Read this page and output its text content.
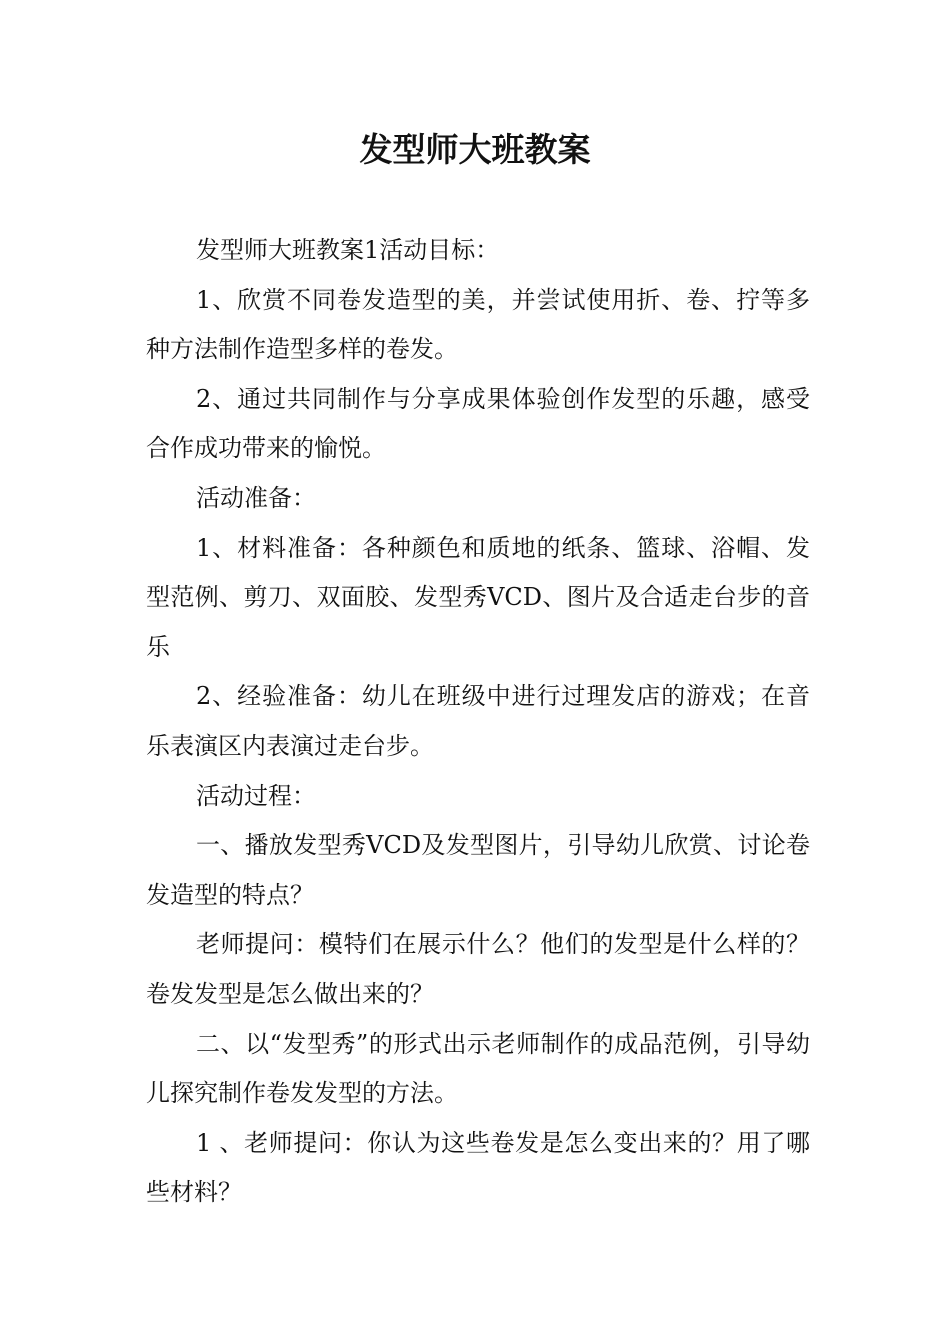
发型师大班教案

发型师大班教案1活动目标：

1、欣赏不同卷发造型的美，并尝试使用折、卷、拧等多种方法制作造型多样的卷发。

2、通过共同制作与分享成果体验创作发型的乐趣，感受合作成功带来的愉悦。

活动准备：

1、材料准备：各种颜色和质地的纸条、篮球、浴帽、发型范例、剪刀、双面胶、发型秀VCD、图片及合适走台步的音乐

2、经验准备：幼儿在班级中进行过理发店的游戏；在音乐表演区内表演过走台步。

活动过程：

一、播放发型秀VCD及发型图片，引导幼儿欣赏、讨论卷发造型的特点？

老师提问：模特们在展示什么？他们的发型是什么样的？卷发发型是怎么做出来的？

二、以“发型秀”的形式出示老师制作的成品范例，引导幼儿探究制作卷发发型的方法。

1 、老师提问：你认为这些卷发是怎么变出来的？用了哪些材料？
